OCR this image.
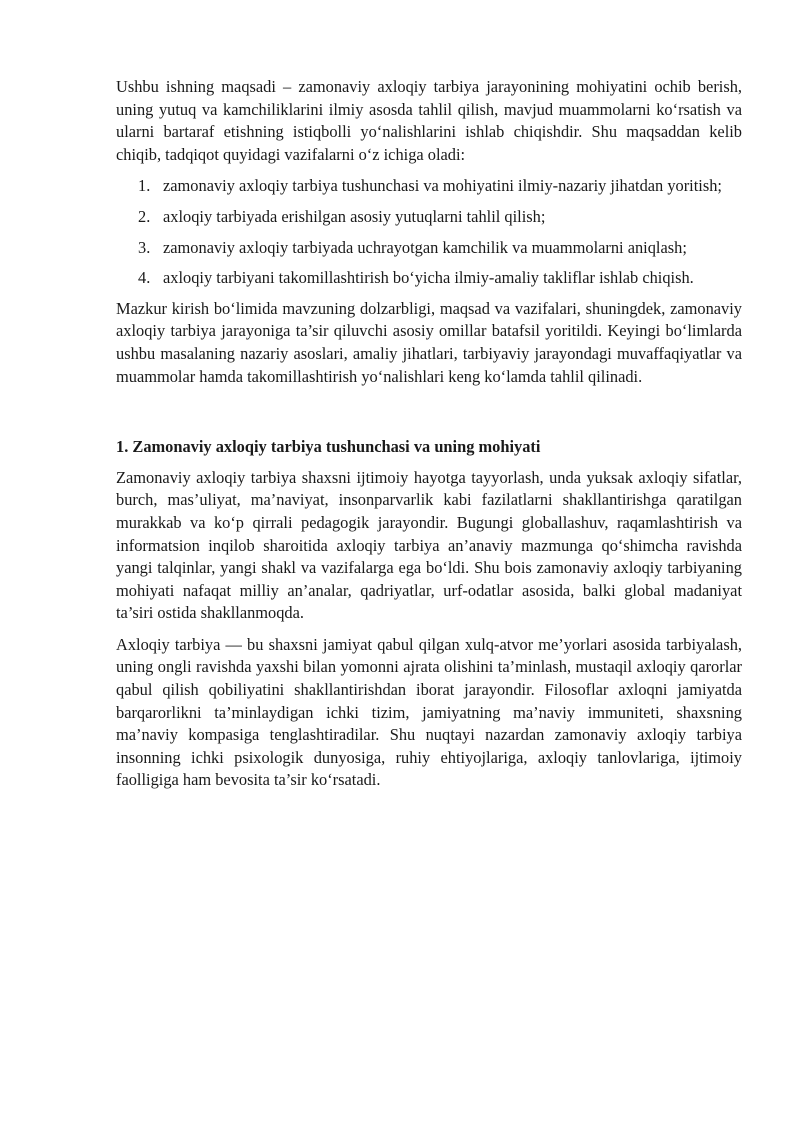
Ushbu ishning maqsadi – zamonaviy axloqiy tarbiya jarayonining mohiyatini ochib berish, uning yutuq va kamchiliklarini ilmiy asosda tahlil qilish, mavjud muammolarni ko‘rsatish va ularni bartaraf etishning istiqbolli yo‘nalishlarini ishlab chiqishdir. Shu maqsaddan kelib chiqib, tadqiqot quyidagi vazifalarni o‘z ichiga oladi:

1. zamonaviy axloqiy tarbiya tushunchasi va mohiyatini ilmiy-nazariy jihatdan yoritish;
2. axloqiy tarbiyada erishilgan asosiy yutuqlarni tahlil qilish;
3. zamonaviy axloqiy tarbiyada uchrayotgan kamchilik va muammolarni aniqlash;
4. axloqiy tarbiyani takomillashtirish bo‘yicha ilmiy-amaliy takliflar ishlab chiqish.

Mazkur kirish bo‘limida mavzuning dolzarbligi, maqsad va vazifalari, shuningdek, zamonaviy axloqiy tarbiya jarayoniga ta’sir qiluvchi asosiy omillar batafsil yoritildi. Keyingi bo‘limlarda ushbu masalaning nazariy asoslari, amaliy jihatlari, tarbiyaviy jarayondagi muvaffaqiyatlar va muammolar hamda takomillashtirish yo‘nalishlari keng ko‘lamda tahlil qilinadi.

1. Zamonaviy axloqiy tarbiya tushunchasi va uning mohiyati

Zamonaviy axloqiy tarbiya shaxsni ijtimoiy hayotga tayyorlash, unda yuksak axloqiy sifatlar, burch, mas’uliyat, ma’naviyat, insonparvarlik kabi fazilatlarni shakllantirishga qaratilgan murakkab va ko‘p qirrali pedagogik jarayondir. Bugungi globallashuv, raqamlashtirish va informatsion inqilob sharoitida axloqiy tarbiya an’anaviy mazmunga qo‘shimcha ravishda yangi talqinlar, yangi shakl va vazifalarga ega bo‘ldi. Shu bois zamonaviy axloqiy tarbiyaning mohiyati nafaqat milliy an’analar, qadriyatlar, urf-odatlar asosida, balki global madaniyat ta’siri ostida shakllanmoqda.

Axloqiy tarbiya — bu shaxsni jamiyat qabul qilgan xulq-atvor me’yorlari asosida tarbiyalash, uning ongli ravishda yaxshi bilan yomonni ajrata olishini ta’minlash, mustaqil axloqiy qarorlar qabul qilish qobiliyatini shakllantirishdan iborat jarayondir. Filosoflar axloqni jamiyatda barqarorlikni ta’minlaydigan ichki tizim, jamiyatning ma’naviy immuniteti, shaxsning ma’naviy kompasiga tenglashtiradilar. Shu nuqtayi nazardan zamonaviy axloqiy tarbiya insonning ichki psixologik dunyosiga, ruhiy ehtiyojlariga, axloqiy tanlovlariga, ijtimoiy faolligiga ham bevosita ta’sir ko‘rsatadi.
